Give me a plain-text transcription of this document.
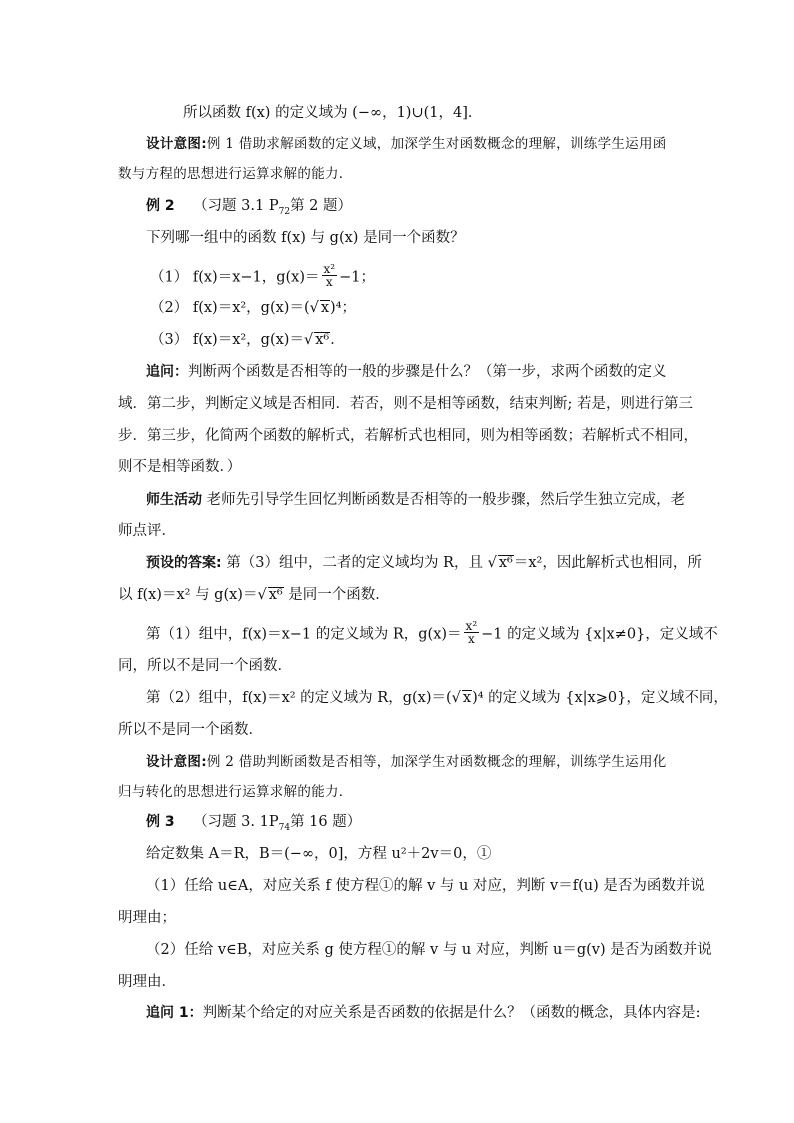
所以函数 f(x) 的定义域为 (−∞，1)∪(1，4]．
设计意图:例 1 借助求解函数的定义域，加深学生对函数概念的理解，训练学生运用函
数与方程的思想进行运算求解的能力．
例 2 （习题 3.1 $P_{72}$第 2 题）
下列哪一组中的函数 f(x) 与 g(x) 是同一个函数？
（1） f(x)＝x−1，$g(x)= \frac{\text{x²}}{x} -1$；
（2） f(x)＝x²，g(x)＝(√ x)⁴；
（3） f(x)＝x²，g(x)＝√ x⁶．
追问：判断两个函数是否相等的一般的步骤是什么？（第一步，求两个函数的定义
域．第二步，判断定义域是否相同．若否，则不是相等函数，结束判断; 若是，则进行第三
步．第三步，化简两个函数的解析式，若解析式也相同，则为相等函数；若解析式不相同，
则不是相等函数．）
师生活动 老师先引导学生回忆判断函数是否相等的一般步骤，然后学生独立完成，老
师点评．
预设的答案: 第（3）组中，二者的定义域均为 R，且 √ x⁶＝x²，因此解析式也相同，所
以 f(x)＝x² 与 g(x)＝√ x⁶ 是同一个函数．
第（1）组中，f(x)＝x−1 的定义域为 R，$g(x)= \frac{\text{x²}}{x} -1$ 的定义域为 {x|x≠0}，定义域不
同，所以不是同一个函数．
第（2）组中，f(x)＝x² 的定义域为 R，g(x)＝(√ x)⁴ 的定义域为 {x|x⩾0}，定义域不同，
所以不是同一个函数．
设计意图:例 2 借助判断函数是否相等，加深学生对函数概念的理解，训练学生运用化
归与转化的思想进行运算求解的能力．
例 3 （习题 3. $1P_{74}$第 16 题）
给定数集 A＝R，B＝(−∞，0]，方程 u²＋2v＝0，①
（1）任给 u∈A，对应关系 f 使方程①的解 v 与 u 对应，判断 v＝f(u) 是否为函数并说
明理由；
（2）任给 v∈B，对应关系 g 使方程①的解 v 与 u 对应，判断 u＝g(v) 是否为函数并说
明理由．
追问 1：判断某个给定的对应关系是否函数的依据是什么？（函数的概念，具体内容是:
